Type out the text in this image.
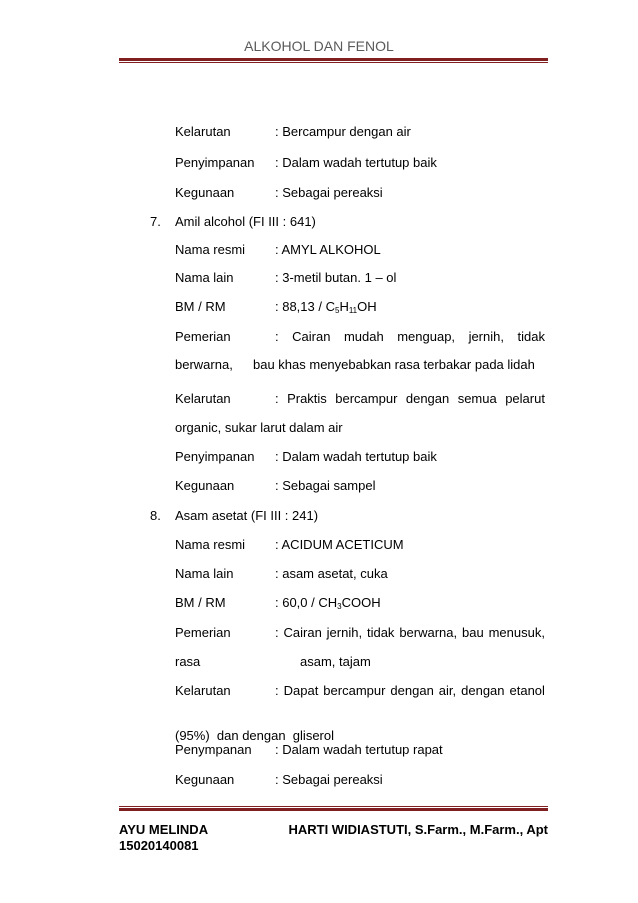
ALKOHOL DAN FENOL
Kelarutan	: Bercampur dengan air
Penyimpanan : Dalam wadah tertutup baik
Kegunaan	: Sebagai pereaksi
7. Amil alcohol (FI III : 641)
Nama resmi : AMYL ALKOHOL
Nama lain	: 3-metil butan. 1 – ol
BM / RM	: $88,13 / C_5H_{11}OH$
Pemerian	: Cairan mudah menguap, jernih, tidak
berwarna, bau khas menyebabkan rasa terbakar pada lidah
Kelarutan	: Praktis bercampur dengan semua pelarut
organic, sukar larut dalam air
Penyimpanan : Dalam wadah tertutup baik
Kegunaan	: Sebagai sampel
8. Asam asetat (FI III : 241)
Nama resmi : ACIDUM ACETICUM
Nama lain	: asam asetat, cuka
BM / RM	: $60,0 / CH_3COOH$
Pemerian	: Cairan jernih, tidak berwarna, bau menusuk,
rasa	asam, tajam
Kelarutan	: Dapat bercampur dengan air, dengan etanol

(95%)  dan dengan  gliserol

Penympanan : Dalam wadah tertutup rapat
Kegunaan	: Sebagai pereaksi
AYU MELINDA	HARTI WIDIASTUTI, S.Farm., M.Farm., Apt
15020140081
